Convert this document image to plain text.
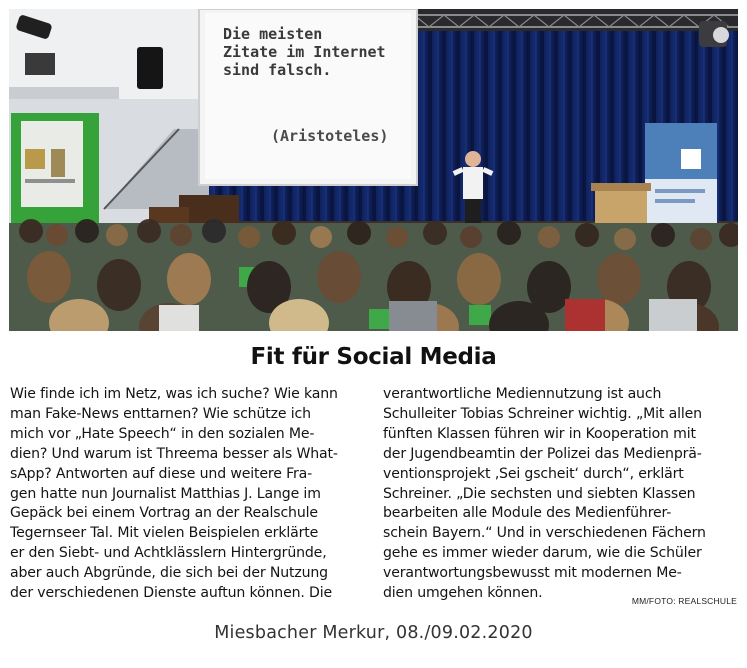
Die meisten
Zitate im Internet
sind falsch.
(Aristoteles)
Fit für Social Media
Wie finde ich im Netz, was ich suche? Wie kann
man Fake-News enttarnen? Wie schütze ich
mich vor „Hate Speech“ in den sozialen Me-
dien? Und warum ist Threema besser als What-
sApp? Antworten auf diese und weitere Fra-
gen hatte nun Journalist Matthias J. Lange im
Gepäck bei einem Vortrag an der Realschule
Tegernseer Tal. Mit vielen Beispielen erklärte
er den Siebt- und Achtklässlern Hintergründe,
aber auch Abgründe, die sich bei der Nutzung
der verschiedenen Dienste auftun können. Die
verantwortliche Mediennutzung ist auch
Schulleiter Tobias Schreiner wichtig. „Mit allen
fünften Klassen führen wir in Kooperation mit
der Jugendbeamtin der Polizei das Medienprä-
ventionsprojekt ‚Sei gscheit‘ durch“, erklärt
Schreiner. „Die sechsten und siebten Klassen
bearbeiten alle Module des Medienführer-
schein Bayern.“ Und in verschiedenen Fächern
gehe es immer wieder darum, wie die Schüler
verantwortungsbewusst mit modernen Me-
dien umgehen können.	MM/FOTO: REALSCHULE
Miesbacher Merkur, 08./09.02.2020
